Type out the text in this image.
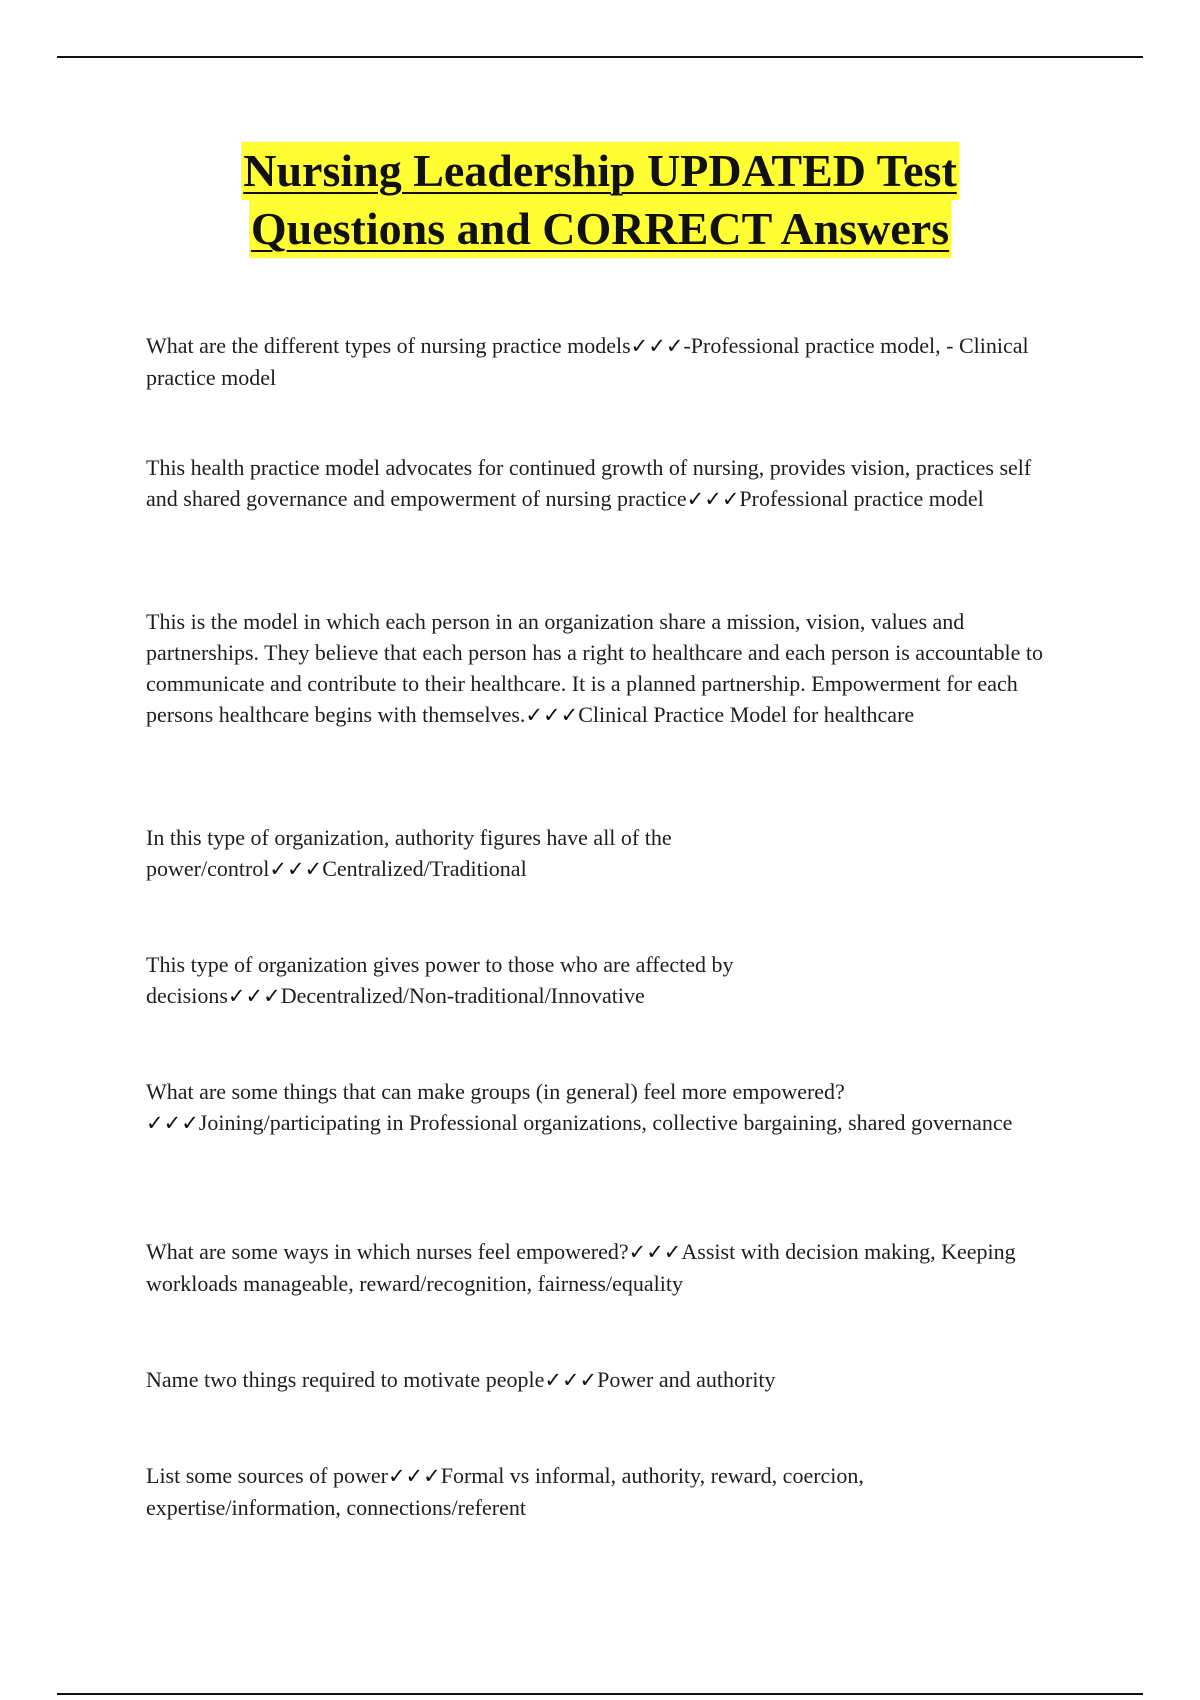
Nursing Leadership UPDATED Test
Questions and CORRECT Answers
What are the different types of nursing practice models✓✓✓-Professional practice model, - Clinical practice model
This health practice model advocates for continued growth of nursing, provides vision, practices self and shared governance and empowerment of nursing practice✓✓✓Professional practice model
This is the model in which each person in an organization share a mission, vision, values and partnerships. They believe that each person has a right to healthcare and each person is accountable to communicate and contribute to their healthcare. It is a planned partnership. Empowerment for each persons healthcare begins with themselves.✓✓✓Clinical Practice Model for healthcare
In this type of organization, authority figures have all of the power/control✓✓✓Centralized/Traditional
This type of organization gives power to those who are affected by decisions✓✓✓Decentralized/Non-traditional/Innovative
What are some things that can make groups (in general) feel more empowered?✓✓✓Joining/participating in Professional organizations, collective bargaining, shared governance
What are some ways in which nurses feel empowered?✓✓✓Assist with decision making, Keeping workloads manageable, reward/recognition, fairness/equality
Name two things required to motivate people✓✓✓Power and authority
List some sources of power✓✓✓Formal vs informal, authority, reward, coercion, expertise/information, connections/referent
